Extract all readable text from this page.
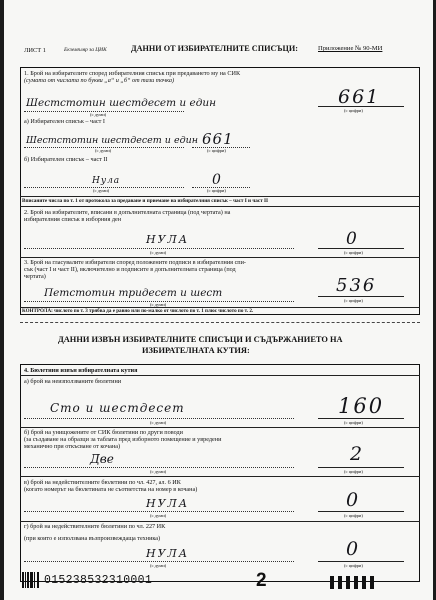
ЛИСТ 1	Екземпляр за ЦИК	ДАННИ ОТ ИЗБИРАТЕЛНИТЕ СПИСЪЦИ:	Приложение № 90-МИ
1. Брой на избирателите според избирателния списък при предаването му на СИК
(сумата от числата по букви „а“ и „б“ от тази точка)
Шестстотин шестдесет и един
(с думи)
661
(с цифри)
а) Избирателен списък – част I
Шестстотин шестдесет и един
(с думи)
661
(с цифри)
б) Избирателен списък – част II
Нула
(с думи)
0
(с цифри)
Вписаните числа по т. 1 от протокола за предаване и приемане на избирателния списък – част I и част II
2. Брой на избирателите, вписани в допълнителната страница (под чертата) на
избирателния списък в изборния ден
НУЛА
(с думи)
0
(с цифри)
3. Брой на гласувалите избиратели според положените подписи в избирателния спи-
сък (част I и част II), включително и подписите в допълнителната страница (под
чертата)
Петстотин тридесет и шест
(с думи)
536
(с цифри)
КОНТРОЛА: числото по т. 3 трябва да е равно или по-малко от числото по т. 1 плюс числото по т. 2.
ДАННИ ИЗВЪН ИЗБИРАТЕЛНИТЕ СПИСЪЦИ И СЪДЪРЖАНИЕТО НА
ИЗБИРАТЕЛНАТА КУТИЯ:
4. Бюлетини извън избирателната кутия
а) брой на неизползваните бюлетини
Сто и шестдесет
(с думи)
160
(с цифри)
б) брой на унищожените от СИК бюлетини по други поводи
(за създаване на образци за таблата пред изборното помещение и увредени
механично при откъсване от кочана)
Две
(с думи)
2
(с цифри)
в) брой на недействителните бюлетини по чл. 427, ал. 6 ИК
(когато номерът на бюлетината не съответства на номер в кочана)
НУЛА
(с думи)
0
(с цифри)
г) брой на недействителните бюлетини по чл. 227 ИК
(при които е използвана възпроизвеждаща техника)
НУЛА
(с думи)
0
(с цифри)
015238532310001	2
